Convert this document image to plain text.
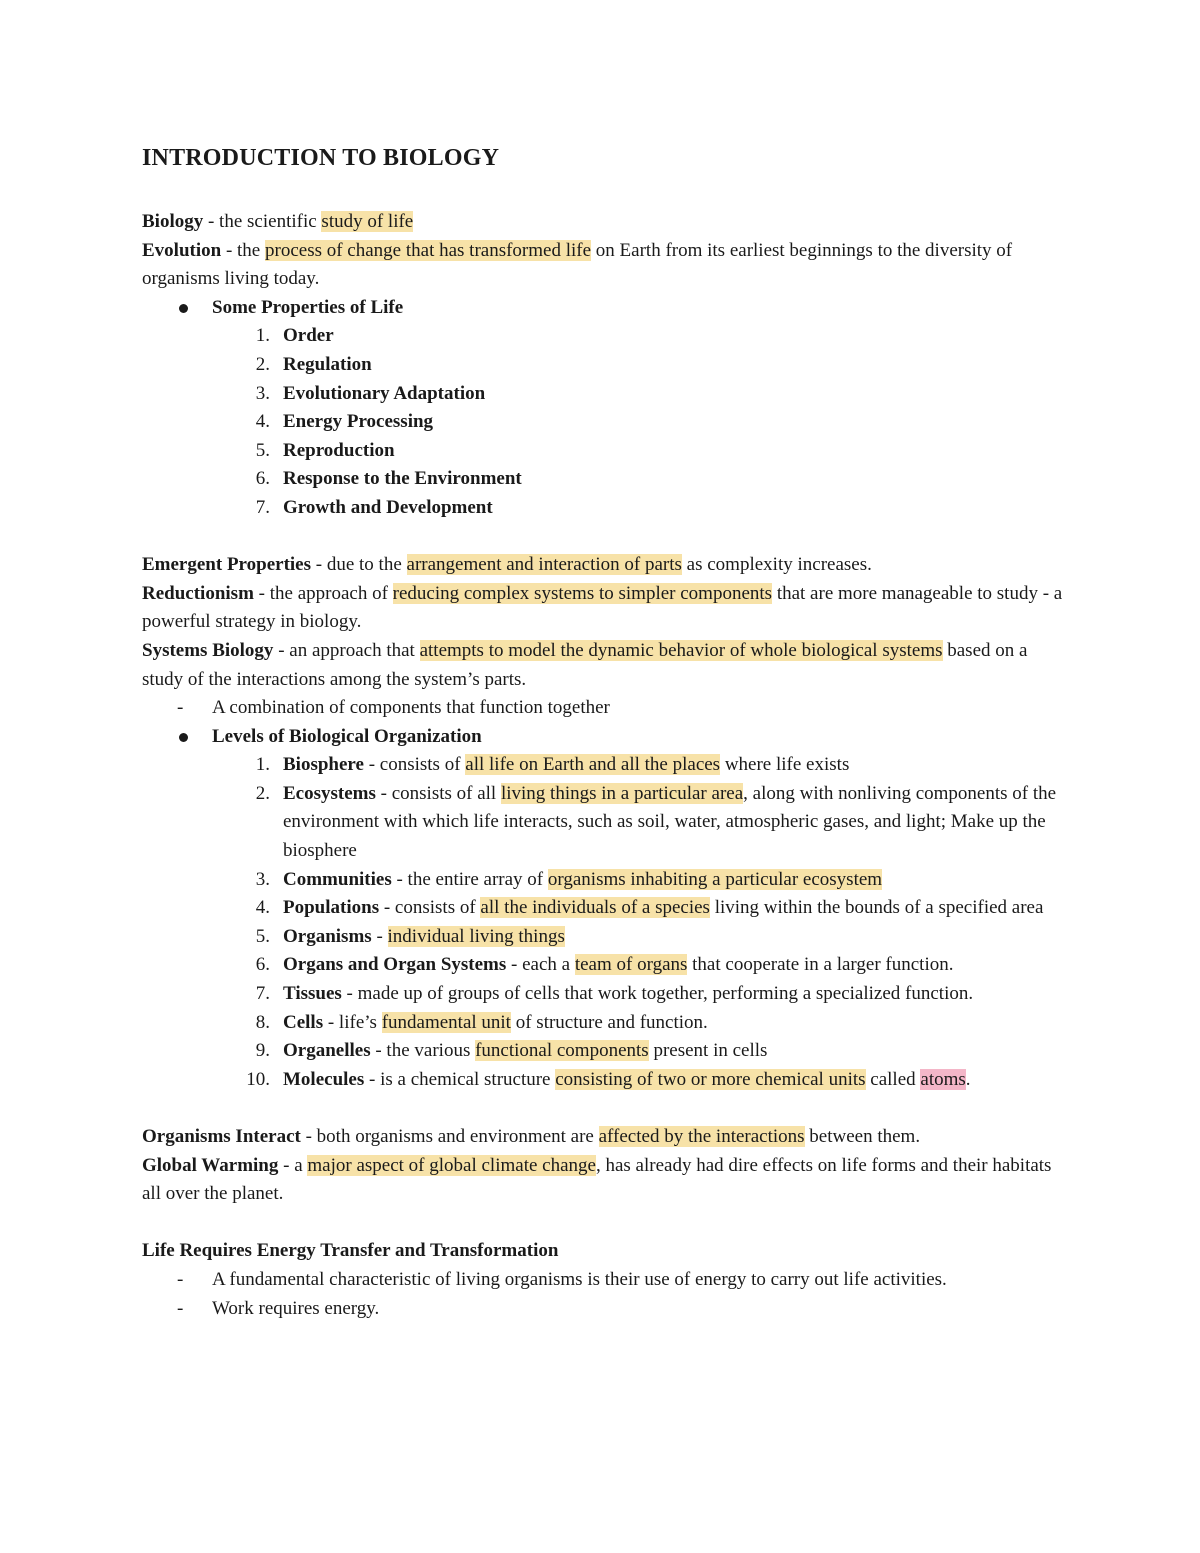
INTRODUCTION TO BIOLOGY

Biology - the scientific study of life

Evolution - the process of change that has transformed life on Earth from its earliest beginnings to the diversity of organisms living today.

Some Properties of Life
1. Order
2. Regulation
3. Evolutionary Adaptation
4. Energy Processing
5. Reproduction
6. Response to the Environment
7. Growth and Development

Emergent Properties - due to the arrangement and interaction of parts as complexity increases.

Reductionism - the approach of reducing complex systems to simpler components that are more manageable to study - a powerful strategy in biology.

Systems Biology - an approach that attempts to model the dynamic behavior of whole biological systems based on a study of the interactions among the system’s parts.

-	A combination of components that function together
Levels of Biological Organization
1. Biosphere - consists of all life on Earth and all the places where life exists
2. Ecosystems - consists of all living things in a particular area, along with nonliving components of the environment with which life interacts, such as soil, water, atmospheric gases, and light; Make up the biosphere
3. Communities - the entire array of organisms inhabiting a particular ecosystem
4. Populations - consists of all the individuals of a species living within the bounds of a specified area
5. Organisms - individual living things
6. Organs and Organ Systems - each a team of organs that cooperate in a larger function.
7. Tissues - made up of groups of cells that work together, performing a specialized function.
8. Cells - life’s fundamental unit of structure and function.
9. Organelles - the various functional components present in cells
10. Molecules - is a chemical structure consisting of two or more chemical units called atoms.

Organisms Interact - both organisms and environment are affected by the interactions between them.

Global Warming - a major aspect of global climate change, has already had dire effects on life forms and their habitats all over the planet.

Life Requires Energy Transfer and Transformation

-	A fundamental characteristic of living organisms is their use of energy to carry out life activities.
-	Work requires energy.
